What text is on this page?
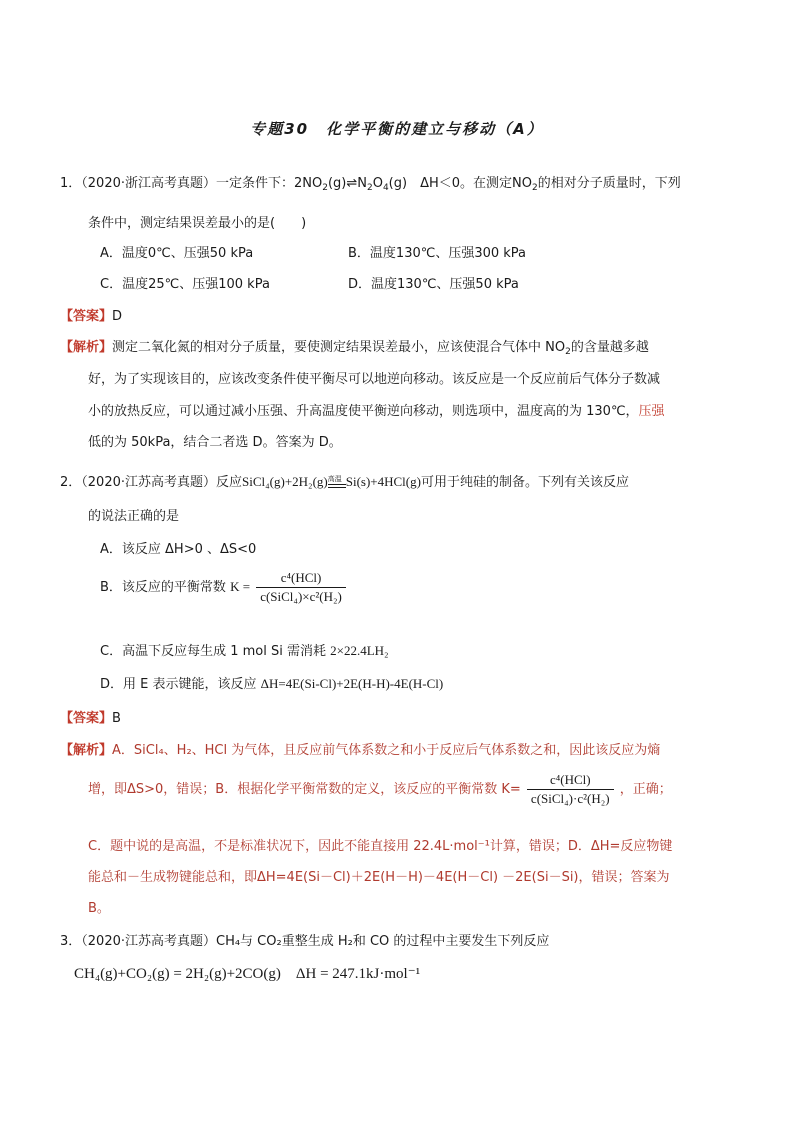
专题30　化学平衡的建立与移动（A）
1．（2020·浙江高考真题）一定条件下：$2NO_2(g)\rightleftharpoons N_2O_4(g)$　ΔH＜0。在测定$NO_2$的相对分子质量时，下列
条件中，测定结果误差最小的是(　　)
A．温度0℃、压强50 kPa	B．温度130℃、压强300 kPa
C．温度25℃、压强100 kPa	D．温度130℃、压强50 kPa
【答案】D
【解析】测定二氧化氮的相对分子质量，要使测定结果误差最小，应该使混合气体中 $NO_2$的含量越多越
好，为了实现该目的，应该改变条件使平衡尽可以地逆向移动。该反应是一个反应前后气体分子数减
小的放热反应，可以通过减小压强、升高温度使平衡逆向移动，则选项中，温度高的为 130℃，压强
低的为 50kPa，结合二者选 D。答案为 D。
2．（2020·江苏高考真题）反应SiCl₄(g)+2H₂(g) 高温 Si(s)+4HCl(g)可用于纯硅的制备。下列有关该反应
的说法正确的是
A．该反应 ΔH>0 、ΔS<0
B．该反应的平衡常数 $K = \frac{\text{c⁴(HCl)}}{\text{c(SiCl₄)×c²(H₂)}}$
C．高温下反应每生成 1 mol Si 需消耗 2×22.4LH₂
D．用 E 表示键能，该反应 ΔH=4E(Si-Cl)+2E(H-H)-4E(H-Cl)
【答案】B
【解析】A．SiCl₄、H₂、HCl 为气体，且反应前气体系数之和小于反应后气体系数之和，因此该反应为熵
增，即ΔS>0，错误；B．根据化学平衡常数的定义，该反应的平衡常数 $K= \frac{\text{c⁴(HCl)}}{\text{c(SiCl₄)·c²(H₂)}}$ ，正确；
C．题中说的是高温，不是标准状况下，因此不能直接用 22.4L·mol⁻¹计算，错误；D．ΔH=反应物键
能总和－生成物键能总和，即ΔH=4E(Si－Cl)＋2E(H－H)－4E(H－Cl) －2E(Si－Si)，错误；答案为
B。
3．（2020·江苏高考真题）CH₄与 CO₂重整生成 H₂和 CO 的过程中主要发生下列反应
CH₄(g)+CO₂(g) = 2H₂(g)+2CO(g)　ΔH = 247.1kJ·mol⁻¹
